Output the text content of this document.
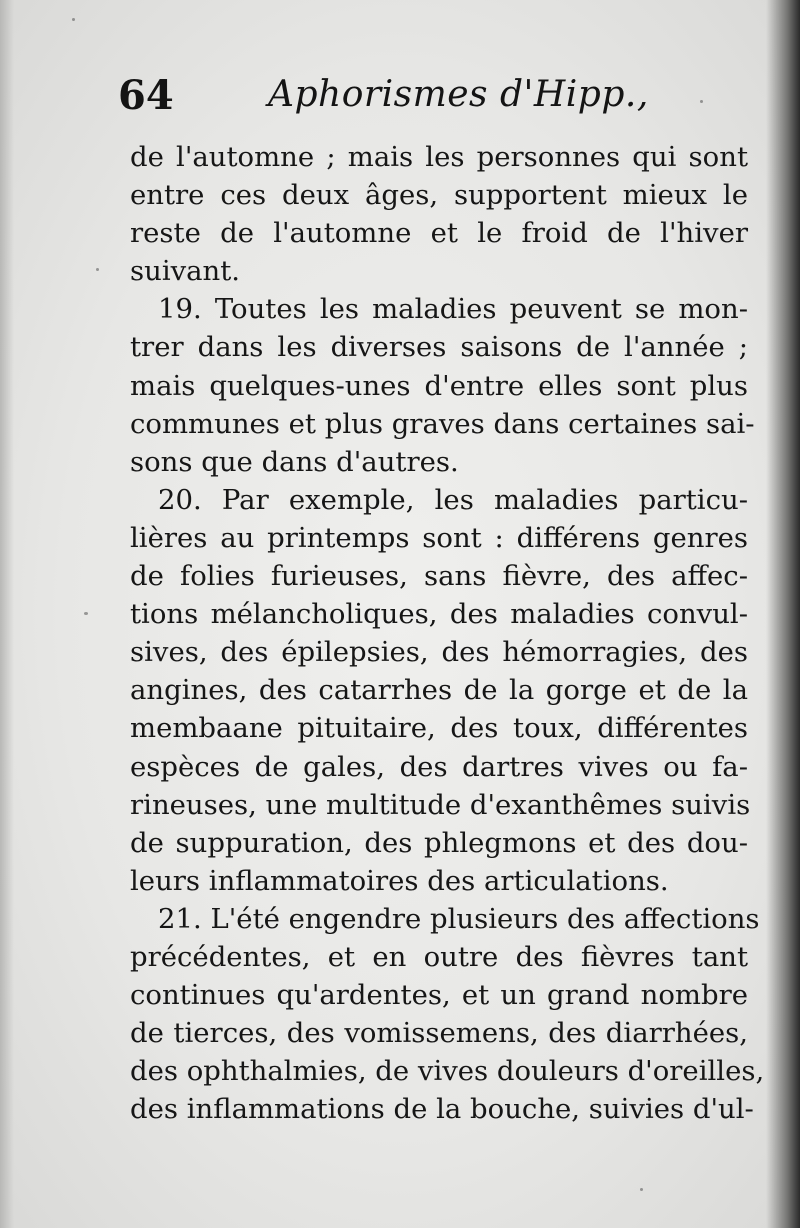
64	Aphorismes d'Hipp.,
de l'automne ; mais les personnes qui sont
entre ces deux âges, supportent mieux le
reste de l'automne et le froid de l'hiver
suivant.
19. Toutes les maladies peuvent se mon-
trer dans les diverses saisons de l'année ;
mais quelques-unes d'entre elles sont plus
communes et plus graves dans certaines sai-
sons que dans d'autres.
20. Par exemple, les maladies particu-
lières au printemps sont : différens genres
de folies furieuses, sans fièvre, des affec-
tions mélancholiques, des maladies convul-
sives, des épilepsies, des hémorragies, des
angines, des catarrhes de la gorge et de la
membaane pituitaire, des toux, différentes
espèces de gales, des dartres vives ou fa-
rineuses, une multitude d'exanthêmes suivis
de suppuration, des phlegmons et des dou-
leurs inflammatoires des articulations.
21. L'été engendre plusieurs des affections
précédentes, et en outre des fièvres tant
continues qu'ardentes, et un grand nombre
de tierces, des vomissemens, des diarrhées,
des ophthalmies, de vives douleurs d'oreilles,
des inflammations de la bouche, suivies d'ul-
